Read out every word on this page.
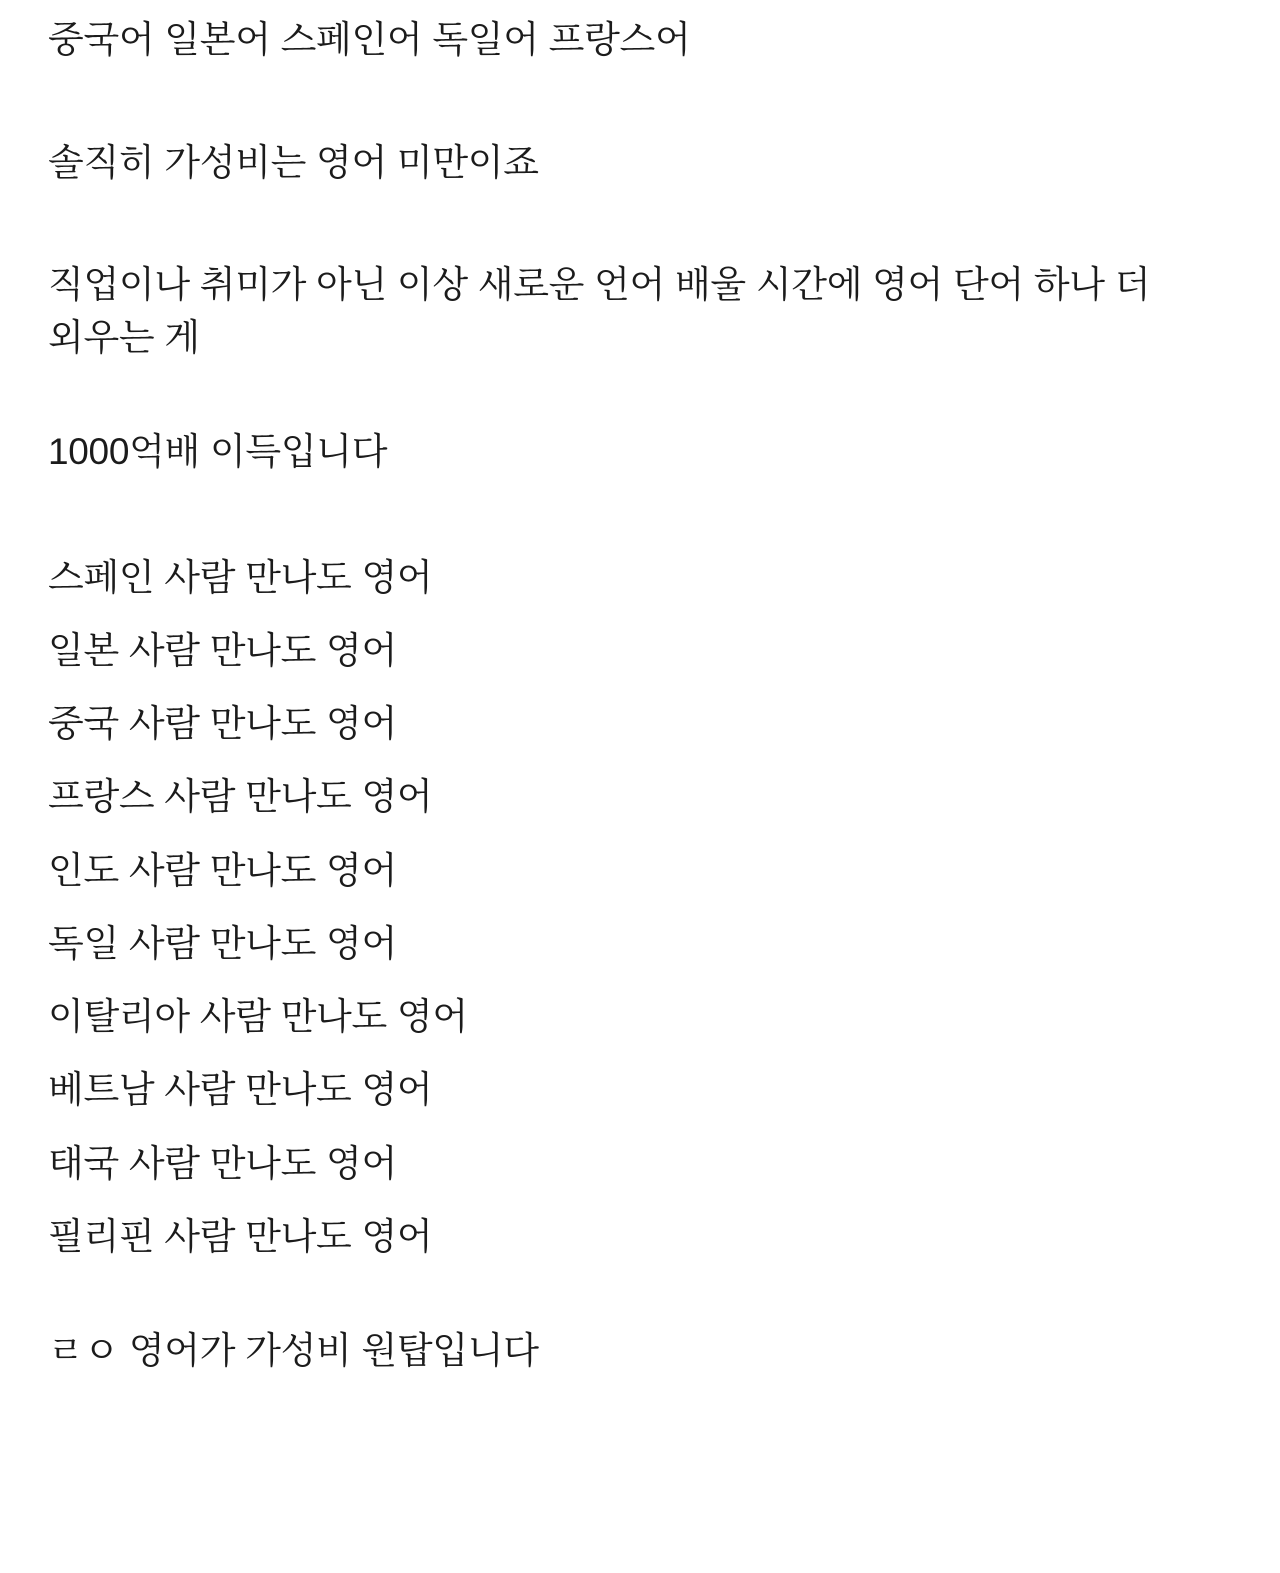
중국어 일본어 스페인어 독일어 프랑스어

솔직히 가성비는 영어 미만이죠

직업이나 취미가 아닌 이상 새로운 언어 배울 시간에 영어 단어 하나 더 외우는 게

1000억배 이득입니다

스페인 사람 만나도 영어
일본 사람 만나도 영어
중국 사람 만나도 영어
프랑스 사람 만나도 영어
인도 사람 만나도 영어
독일 사람 만나도 영어
이탈리아 사람 만나도 영어
베트남 사람 만나도 영어
태국 사람 만나도 영어
필리핀 사람 만나도 영어

ㄹㅇ 영어가 가성비 원탑입니다
